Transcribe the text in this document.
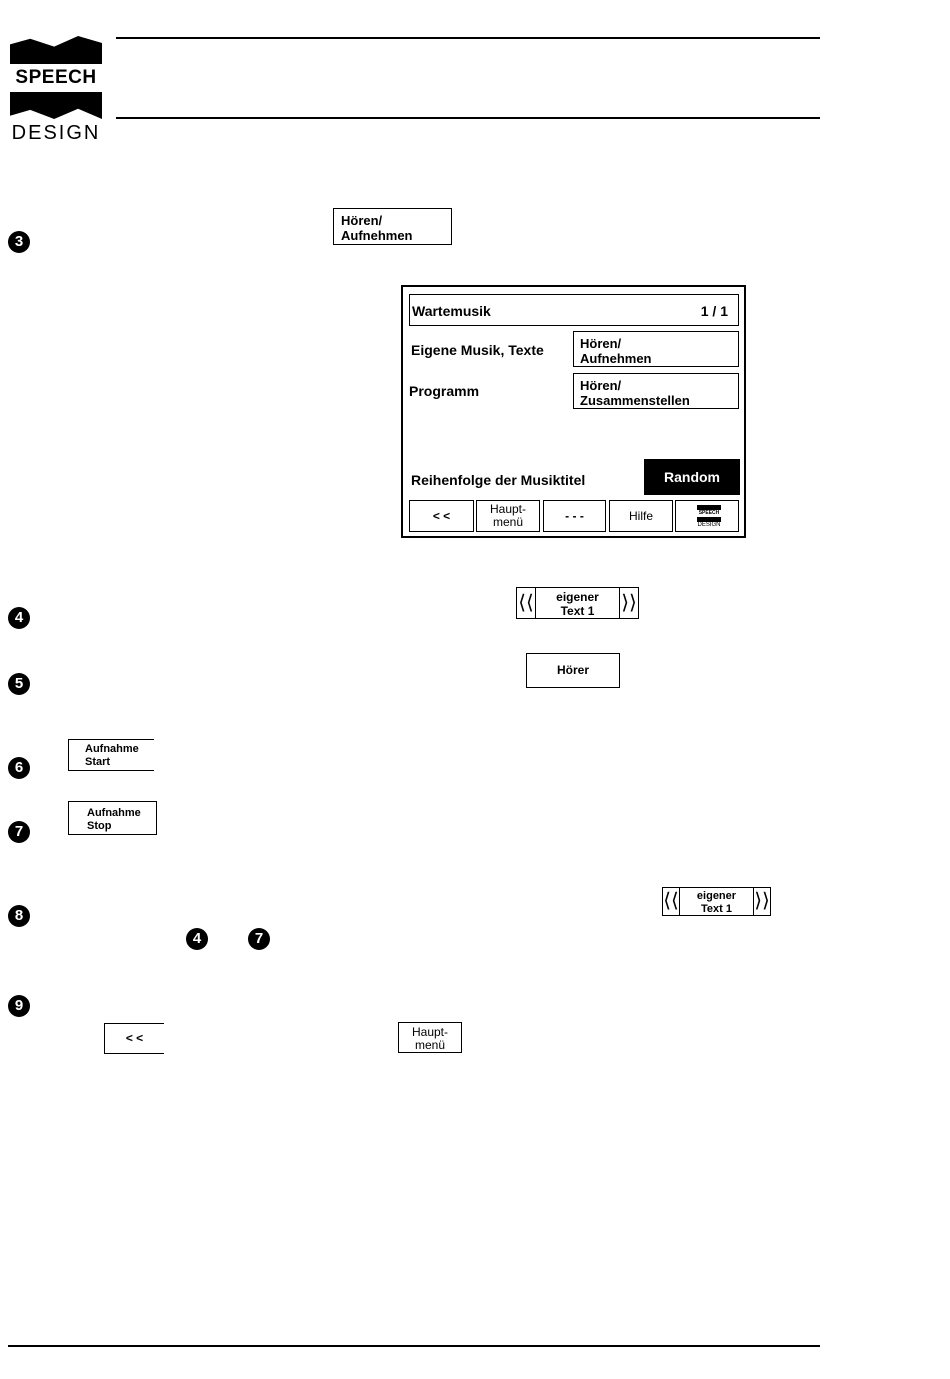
SPEECH
DESIGN
3
Hören/
Aufnehmen
Wartemusik	1 / 1
Eigene Musik, Texte	Hören/
Aufnehmen
Programm	Hören/
Zusammenstellen
Reihenfolge der Musiktitel	Random
< <	Haupt-
menü	- - -	Hilfe	SPEECH
DESIGN
4
⟨⟨	eigener
Text 1	⟩⟩
5
Hörer
6
Aufnahme
Start
7
Aufnahme
Stop
8
4	7
⟨⟨	eigener
Text 1	⟩⟩
9
< <	Haupt-
menü
